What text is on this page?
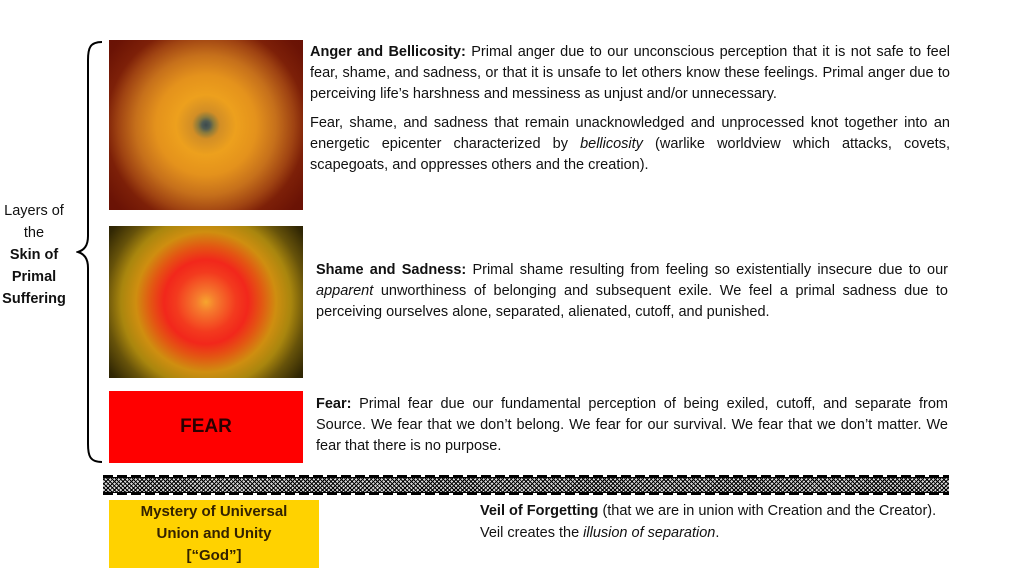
Layers of
the
Skin of
Primal
Suffering
FEAR

Anger and Bellicosity: Primal anger due to our unconscious perception that it is not safe to feel fear, shame, and sadness, or that it is unsafe to let others know these feelings. Primal anger due to perceiving life’s harshness and messiness as unjust and/or unnecessary.

Fear, shame, and sadness that remain unacknowledged and unprocessed knot together into an energetic epicenter characterized by bellicosity (warlike worldview which attacks, covets, scapegoats, and oppresses others and the creation).

Shame and Sadness: Primal shame resulting from feeling so existentially insecure due to our apparent unworthiness of belonging and subsequent exile. We feel a primal sadness due to perceiving ourselves alone, separated, alienated, cutoff, and punished.
Fear: Primal fear due our fundamental perception of being exiled, cutoff, and separate from Source. We fear that we don’t belong. We fear for our survival. We fear that we don’t matter. We fear that there is no purpose.
Mystery of Universal
Union and Unity
[“God”]
Veil of Forgetting (that we are in union with Creation and the Creator). Veil creates the illusion of separation.
